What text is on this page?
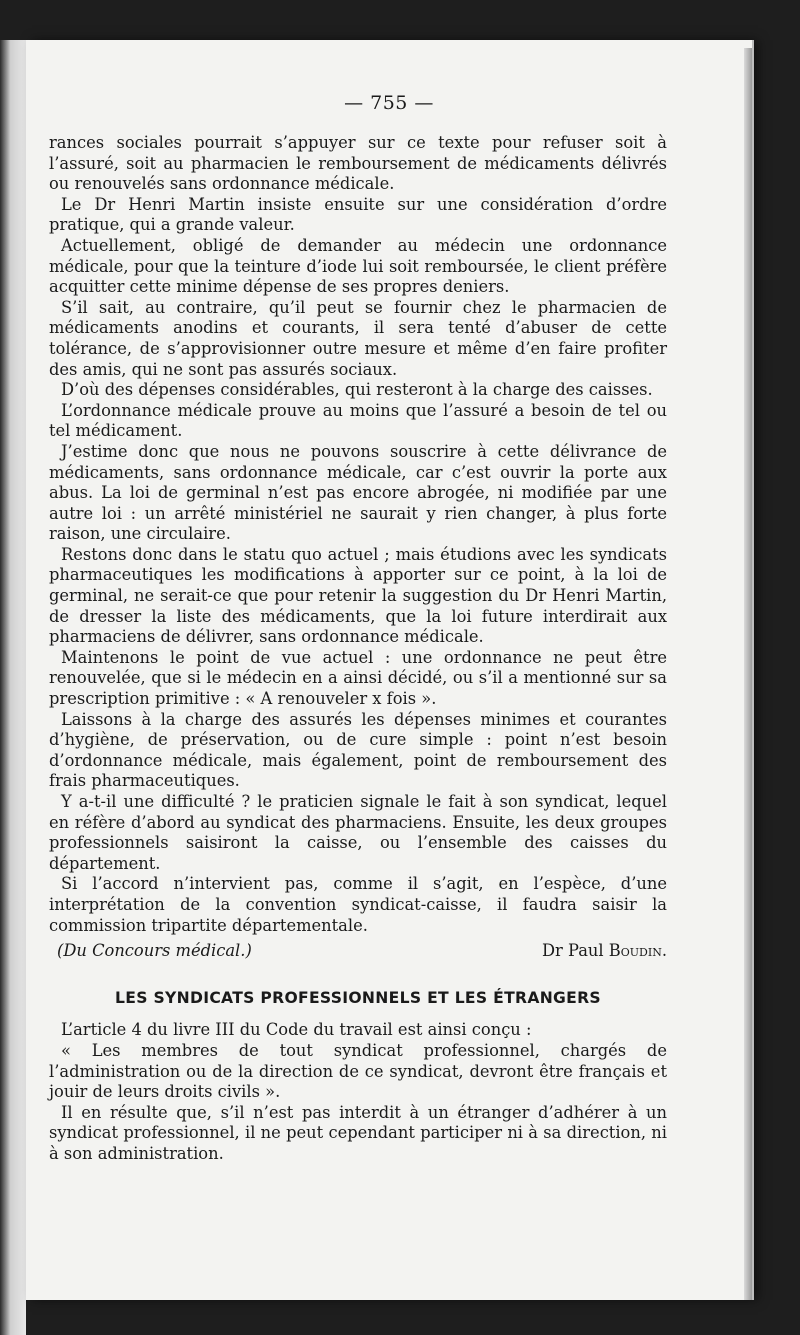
— 755 —

rances sociales pourrait s’appuyer sur ce texte pour refuser soit à l’assuré, soit au pharmacien le remboursement de médicaments délivrés ou renouvelés sans ordonnance médicale.

Le Dr Henri Martin insiste ensuite sur une considération d’ordre pratique, qui a grande valeur.

Actuellement, obligé de demander au médecin une ordonnance médicale, pour que la teinture d’iode lui soit remboursée, le client préfère acquitter cette minime dépense de ses propres deniers.

S’il sait, au contraire, qu’il peut se fournir chez le pharmacien de médicaments anodins et courants, il sera tenté d’abuser de cette tolérance, de s’approvisionner outre mesure et même d’en faire profiter des amis, qui ne sont pas assurés sociaux.

D’où des dépenses considérables, qui resteront à la charge des caisses.

L’ordonnance médicale prouve au moins que l’assuré a besoin de tel ou tel médicament.

J’estime donc que nous ne pouvons souscrire à cette délivrance de médicaments, sans ordonnance médicale, car c’est ouvrir la porte aux abus. La loi de germinal n’est pas encore abrogée, ni modifiée par une autre loi : un arrêté ministériel ne saurait y rien changer, à plus forte raison, une circulaire.

Restons donc dans le statu quo actuel ; mais étudions avec les syndicats pharmaceutiques les modifications à apporter sur ce point, à la loi de germinal, ne serait-ce que pour retenir la suggestion du Dr Henri Martin, de dresser la liste des médicaments, que la loi future interdirait aux pharmaciens de délivrer, sans ordonnance médicale.

Maintenons le point de vue actuel : une ordonnance ne peut être renouvelée, que si le médecin en a ainsi décidé, ou s’il a mentionné sur sa prescription primitive : « A renouveler x fois ».

Laissons à la charge des assurés les dépenses minimes et courantes d’hygiène, de préservation, ou de cure simple : point n’est besoin d’ordonnance médicale, mais également, point de remboursement des frais pharmaceutiques.

Y a-t-il une difficulté ? le praticien signale le fait à son syndicat, lequel en réfère d’abord au syndicat des pharmaciens. Ensuite, les deux groupes professionnels saisiront la caisse, ou l’ensemble des caisses du département.

Si l’accord n’intervient pas, comme il s’agit, en l’espèce, d’une interprétation de la convention syndicat-caisse, il faudra saisir la commission tripartite départementale.

(Du Concours médical.)	Dr Paul Boudin.
LES SYNDICATS PROFESSIONNELS ET LES ÉTRANGERS

L’article 4 du livre III du Code du travail est ainsi conçu :

« Les membres de tout syndicat professionnel, chargés de l’administration ou de la direction de ce syndicat, devront être français et jouir de leurs droits civils ».

Il en résulte que, s’il n’est pas interdit à un étranger d’adhérer à un syndicat professionnel, il ne peut cependant participer ni à sa direction, ni à son administration.
